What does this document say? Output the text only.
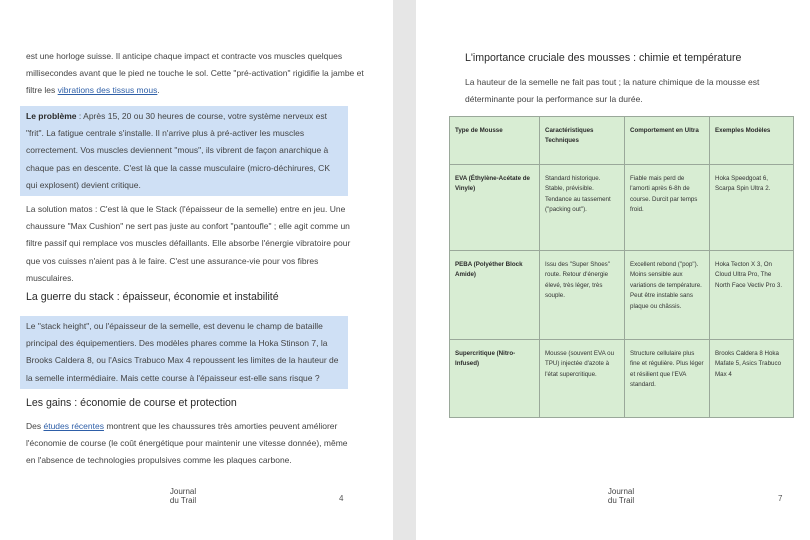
est une horloge suisse. Il anticipe chaque impact et contracte vos muscles quelques millisecondes avant que le pied ne touche le sol. Cette "pré-activation" rigidifie la jambe et filtre les vibrations des tissus mous.
Le problème : Après 15, 20 ou 30 heures de course, votre système nerveux est "frit". La fatigue centrale s'installe. Il n'arrive plus à pré-activer les muscles correctement. Vos muscles deviennent "mous", ils vibrent de façon anarchique à chaque pas en descente. C'est là que la casse musculaire (micro-déchirures, CK qui explosent) devient critique.
La solution matos : C'est là que le Stack (l'épaisseur de la semelle) entre en jeu. Une chaussure "Max Cushion" ne sert pas juste au confort "pantoufle" ; elle agit comme un filtre passif qui remplace vos muscles défaillants. Elle absorbe l'énergie vibratoire pour que vos cuisses n'aient pas à le faire. C'est une assurance-vie pour vos fibres musculaires.
La guerre du stack : épaisseur, économie et instabilité
Le "stack height", ou l'épaisseur de la semelle, est devenu le champ de bataille principal des équipementiers. Des modèles phares comme la Hoka Stinson 7, la Brooks Caldera 8, ou l'Asics Trabuco Max 4 repoussent les limites de la hauteur de la semelle intermédiaire. Mais cette course à l'épaisseur est-elle sans risque ?
Les gains : économie de course et protection
Des études récentes montrent que les chaussures très amorties peuvent améliorer l'économie de course (le coût énergétique pour maintenir une vitesse donnée), même en l'absence de technologies propulsives comme les plaques carbone.
Journal
du Trail	4
L'importance cruciale des mousses : chimie et température
La hauteur de la semelle ne fait pas tout ; la nature chimique de la mousse est déterminante pour la performance sur la durée.
Type de Mousse	Caractéristiques Techniques	Comportement en Ultra	Exemples Modèles
EVA (Éthylène-Acétate de Vinyle)	Standard historique. Stable, prévisible. Tendance au tassement ("packing out").	Fiable mais perd de l'amorti après 6-8h de course. Durcit par temps froid.	Hoka Speedgoat 6, Scarpa Spin Ultra 2.
PEBA (Polyéther Block Amide)	Issu des "Super Shoes" route. Retour d'énergie élevé, très léger, très souple.	Excellent rebond ("pop"). Moins sensible aux variations de température. Peut être instable sans plaque ou châssis.	Hoka Tecton X 3, On Cloud Ultra Pro, The North Face Vectiv Pro 3.
Supercritique (Nitro-Infused)	Mousse (souvent EVA ou TPU) injectée d'azote à l'état supercritique.	Structure cellulaire plus fine et régulière. Plus léger et résilient que l'EVA standard.	Brooks Caldera 8 Hoka Mafate 5, Asics Trabuco Max 4
Journal
du Trail	7
